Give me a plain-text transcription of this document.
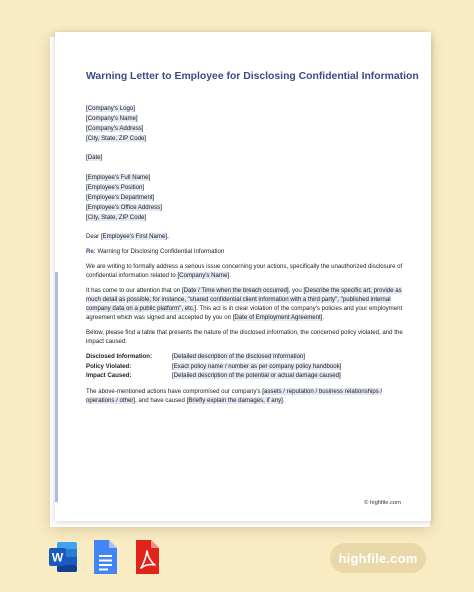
Warning Letter to Employee for Disclosing Confidential Information
[Company's Logo]
[Company's Name]
[Company's Address]
[City, State, ZIP Code]
[Date]
[Employee's Full Name]
[Employee's Position]
[Employee's Department]
[Employee's Office Address]
[City, State, ZIP Code]

Dear [Employee's First Name],

Re: Warning for Disclosing Confidential Information

We are writing to formally address a serious issue concerning your actions, specifically the unauthorized disclosure of confidential information related to [Company's Name].

It has come to our attention that on [Date / Time when the breach occurred], you [Describe the specific art, provide as much detail as possible, for instance, "shared confidential client information with a third party", "published internal company data on a public platform", etc.]. This act is in clear violation of the company's policies and your employment agreement which was signed and accepted by you on [Date of Employment Agreement].

Below, please find a table that presents the nature of the disclosed information, the concerned policy violated, and the impact caused:

Disclosed Information:	[Detailed description of the disclosed Information]
Policy Violated:	[Exact policy name / number as per company policy handbook]
Impact Caused:	[Detailed description of the potential or actual damage caused]

The above-mentioned actions have compromised our company's [assets / reputation / business relationships / operations / other], and have caused [Briefly explain the damages, if any].

© highfile.com
W	highfile.com
